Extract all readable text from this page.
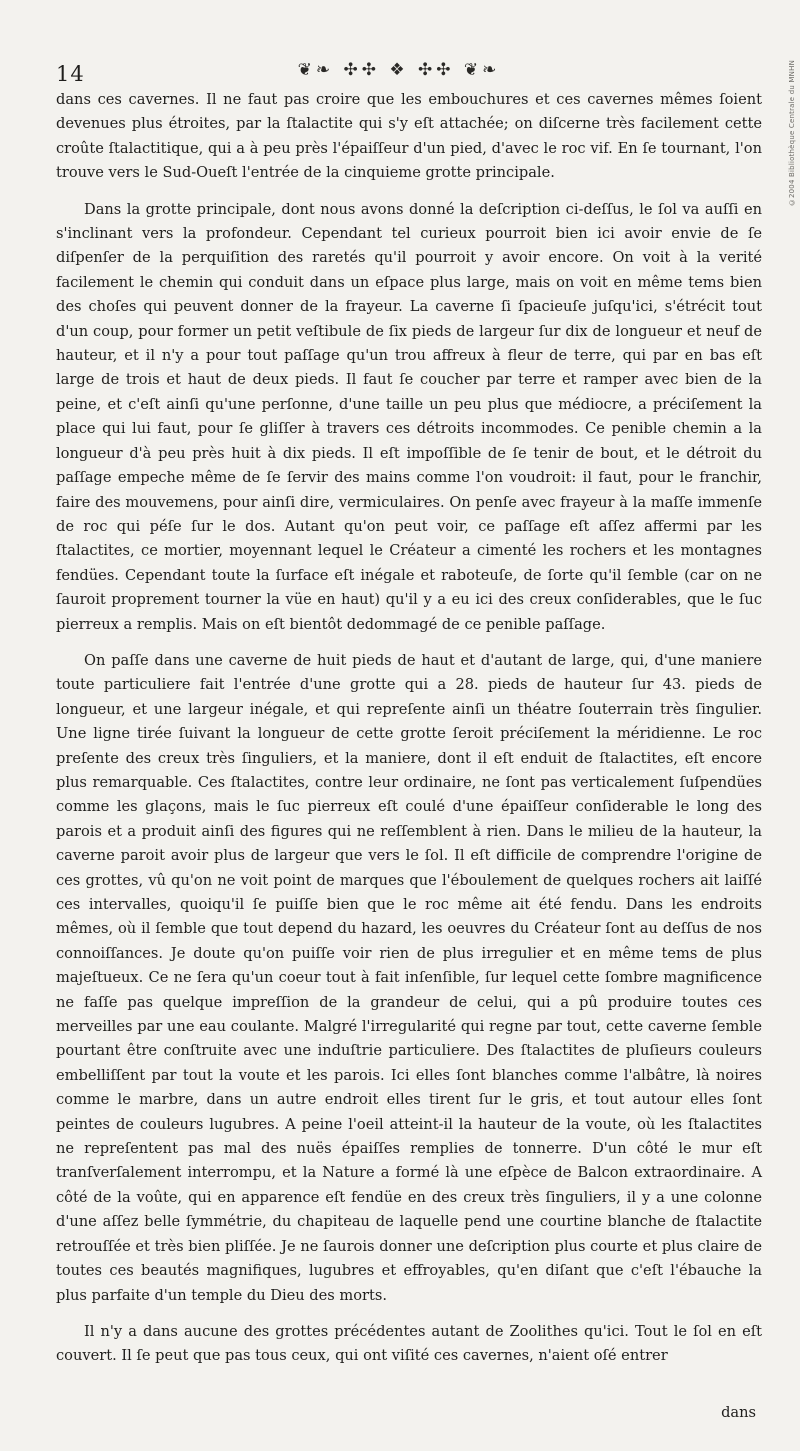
14	❦❧ ✣✣ ❖ ✣✣ ❦❧	©2004 Bibliothèque Centrale du MNHN

dans ces cavernes. Il ne faut pas croire que les embouchures et ces cavernes mêmes ſoient devenues plus étroites, par la ſtalactite qui s'y eſt attachée; on diſcerne très facilement cette croûte ſtalactitique, qui a à peu près l'épaiſſeur d'un pied, d'avec le roc vif. En ſe tournant, l'on trouve vers le Sud-Oueſt l'entrée de la cinquieme grotte principale.

Dans la grotte principale, dont nous avons donné la deſcription ci-deſſus, le ſol va auſſi en s'inclinant vers la profondeur. Cependant tel curieux pourroit bien ici avoir envie de ſe diſpenſer de la perquiſition des raretés qu'il pourroit y avoir encore. On voit à la verité facilement le chemin qui conduit dans un eſpace plus large, mais on voit en même tems bien des choſes qui peuvent donner de la frayeur. La caverne ſi ſpacieuſe juſqu'ici, s'étrécit tout d'un coup, pour former un petit veſtibule de ſix pieds de largeur ſur dix de longueur et neuf de hauteur, et il n'y a pour tout paſſage qu'un trou affreux à fleur de terre, qui par en bas eſt large de trois et haut de deux pieds. Il faut ſe coucher par terre et ramper avec bien de la peine, et c'eſt ainſi qu'une perſonne, d'une taille un peu plus que médiocre, a préciſement la place qui lui faut, pour ſe gliſſer à travers ces détroits incommodes. Ce penible chemin a la longueur d'à peu près huit à dix pieds. Il eſt impoſſible de ſe tenir de bout, et le détroit du paſſage empeche même de ſe ſervir des mains comme l'on voudroit: il faut, pour le franchir, faire des mouvemens, pour ainſi dire, vermiculaires. On penſe avec frayeur à la maſſe immenſe de roc qui péſe ſur le dos. Autant qu'on peut voir, ce paſſage eſt aſſez affermi par les ſtalactites, ce mortier, moyennant lequel le Créateur a cimenté les rochers et les montagnes fendües. Cependant toute la ſurface eſt inégale et raboteuſe, de ſorte qu'il ſemble (car on ne ſauroit proprement tourner la vüe en haut) qu'il y a eu ici des creux conſiderables, que le ſuc pierreux a remplis. Mais on eſt bientôt dedommagé de ce penible paſſage.

On paſſe dans une caverne de huit pieds de haut et d'autant de large, qui, d'une maniere toute particuliere fait l'entrée d'une grotte qui a 28. pieds de hauteur ſur 43. pieds de longueur, et une largeur inégale, et qui repreſente ainſi un théatre ſouterrain très ſingulier. Une ligne tirée ſuivant la longueur de cette grotte ſeroit préciſement la méridienne. Le roc preſente des creux très ſinguliers, et la maniere, dont il eſt enduit de ſtalactites, eſt encore plus remarquable. Ces ſtalactites, contre leur ordinaire, ne ſont pas verticalement ſuſpendües comme les glaçons, mais le ſuc pierreux eſt coulé d'une épaiſſeur conſiderable le long des parois et a produit ainſi des figures qui ne reſſemblent à rien. Dans le milieu de la hauteur, la caverne paroit avoir plus de largeur que vers le ſol. Il eſt difficile de comprendre l'origine de ces grottes, vû qu'on ne voit point de marques que l'éboulement de quelques rochers ait laiſſé ces intervalles, quoiqu'il ſe puiſſe bien que le roc même ait été fendu. Dans les endroits mêmes, où il ſemble que tout depend du hazard, les oeuvres du Créateur ſont au deſſus de nos connoiſſances. Je doute qu'on puiſſe voir rien de plus irregulier et en même tems de plus majeſtueux. Ce ne ſera qu'un coeur tout à fait inſenſible, ſur lequel cette ſombre magnificence ne faſſe pas quelque impreſſion de la grandeur de celui, qui a pû produire toutes ces merveilles par une eau coulante. Malgré l'irregularité qui regne par tout, cette caverne ſemble pourtant être conſtruite avec une induſtrie particuliere. Des ſtalactites de pluſieurs couleurs embelliſſent par tout la voute et les parois. Ici elles ſont blanches comme l'albâtre, là noires comme le marbre, dans un autre endroit elles tirent ſur le gris, et tout autour elles ſont peintes de couleurs lugubres. A peine l'oeil atteint-il la hauteur de la voute, où les ſtalactites ne repreſentent pas mal des nuës épaiſſes remplies de tonnerre. D'un côté le mur eſt tranſverſalement interrompu, et la Nature a formé là une eſpèce de Balcon extraordinaire. A côté de la voûte, qui en apparence eſt fendüe en des creux très ſinguliers, il y a une colonne d'une aſſez belle ſymmétrie, du chapiteau de laquelle pend une courtine blanche de ſtalactite retrouſſée et très bien pliſſée. Je ne ſaurois donner une deſcription plus courte et plus claire de toutes ces beautés magnifiques, lugubres et effroyables, qu'en diſant que c'eſt l'ébauche la plus parfaite d'un temple du Dieu des morts.

Il n'y a dans aucune des grottes précédentes autant de Zoolithes qu'ici. Tout le ſol en eſt couvert. Il ſe peut que pas tous ceux, qui ont viſité ces cavernes, n'aient oſé entrer

dans
